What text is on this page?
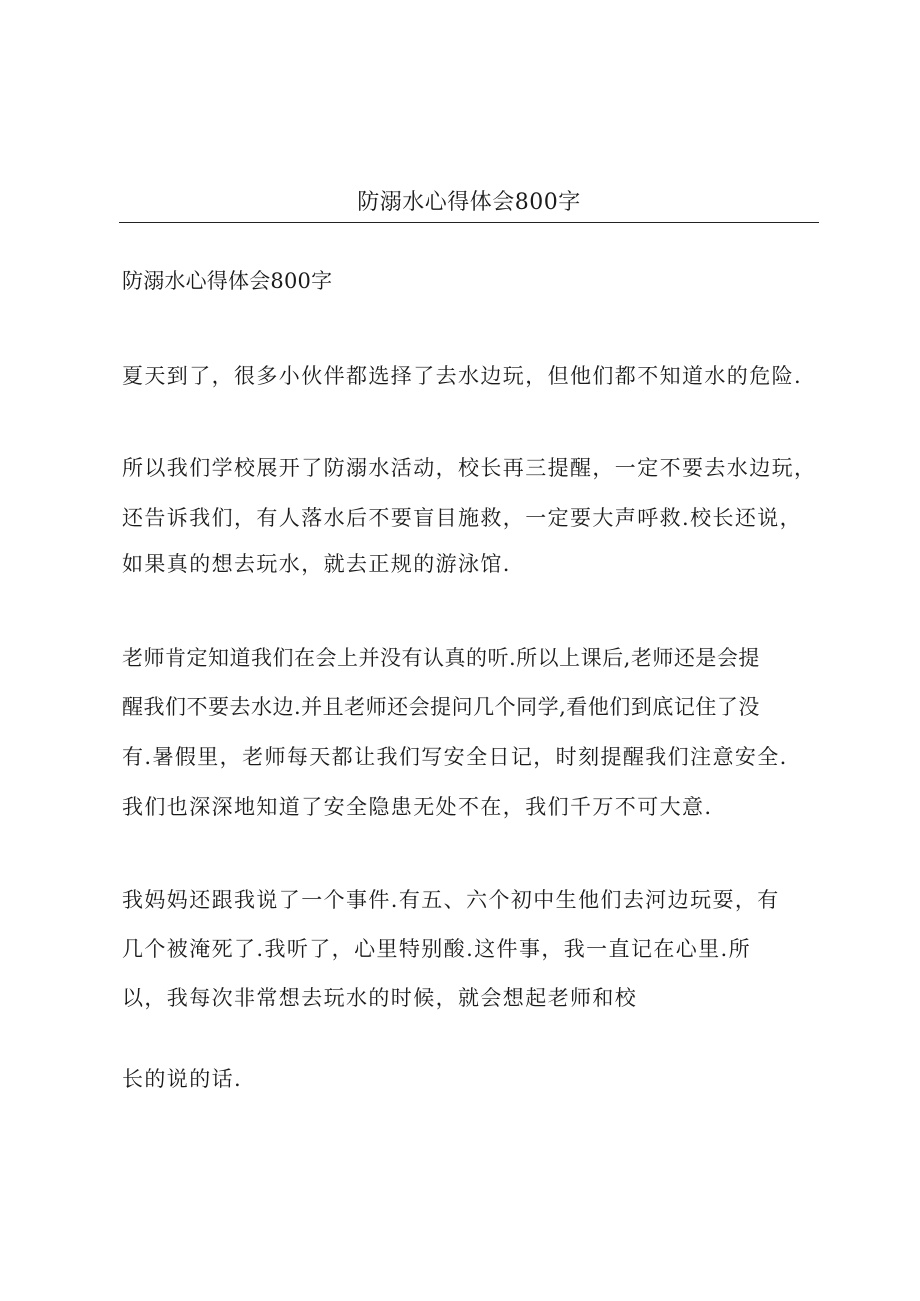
防溺水心得体会800字

防溺水心得体会800字

夏天到了，很多小伙伴都选择了去水边玩，但他们都不知道水的危险.

所以我们学校展开了防溺水活动，校长再三提醒，一定不要去水边玩，

还告诉我们，有人落水后不要盲目施救，一定要大声呼救.校长还说，

如果真的想去玩水，就去正规的游泳馆.

老师肯定知道我们在会上并没有认真的听.所以上课后,老师还是会提

醒我们不要去水边.并且老师还会提问几个同学,看他们到底记住了没

有.暑假里，老师每天都让我们写安全日记，时刻提醒我们注意安全.

我们也深深地知道了安全隐患无处不在，我们千万不可大意.

我妈妈还跟我说了一个事件.有五、六个初中生他们去河边玩耍，有

几个被淹死了.我听了，心里特别酸.这件事，我一直记在心里.所

以，我每次非常想去玩水的时候，就会想起老师和校

长的说的话.
